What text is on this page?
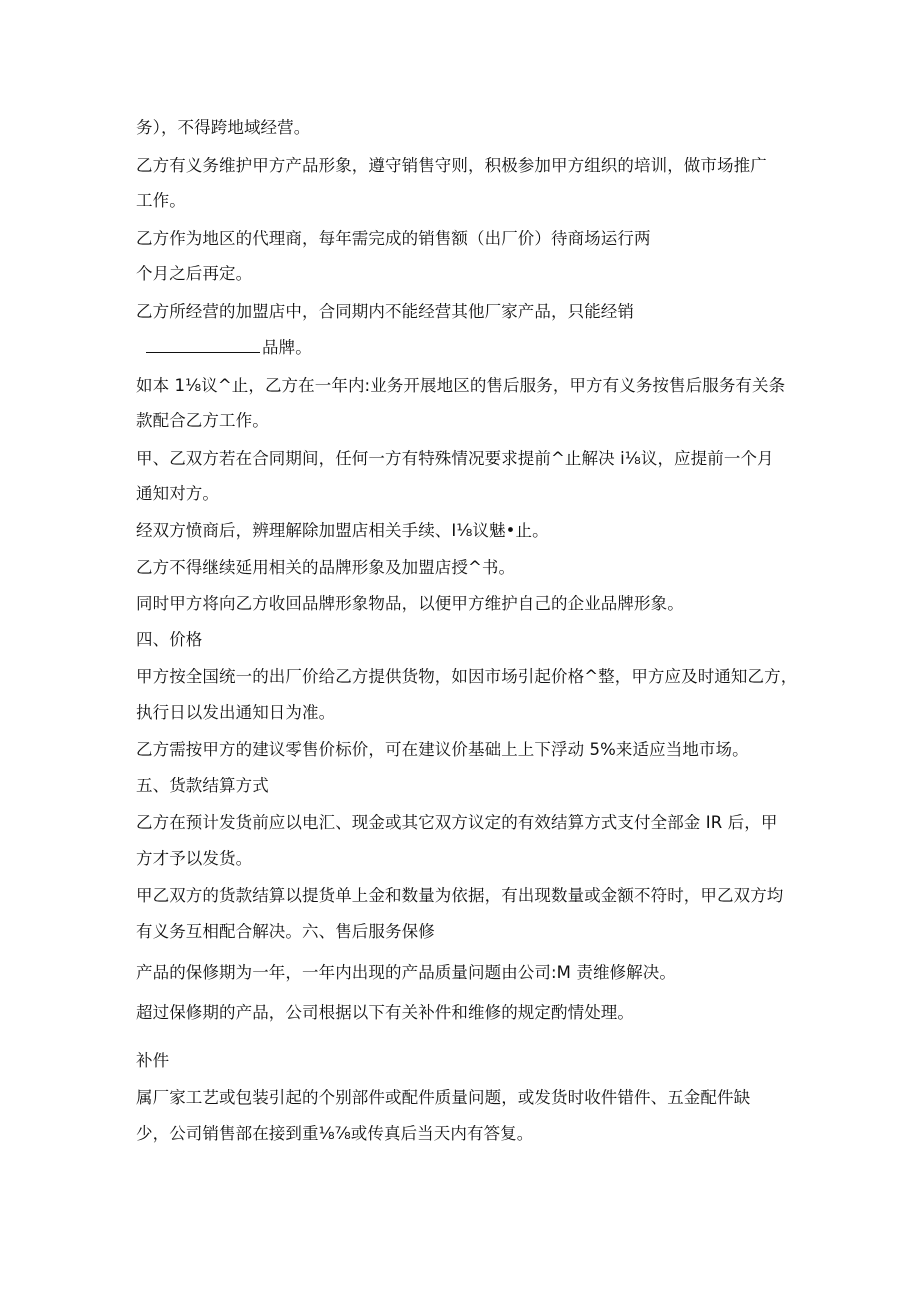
务），不得跨地域经营。
乙方有义务维护甲方产品形象，遵守销售守则，积极参加甲方组织的培训，做市场推广
工作。
乙方作为地区的代理商，每年需完成的销售额（出厂价）待商场运行两
个月之后再定。
乙方所经营的加盟店中，合同期内不能经营其他厂家产品，只能经销
品牌。
如本 1⅛议^止，乙方在一年内:业务开展地区的售后服务，甲方有义务按售后服务有关条
款配合乙方工作。
甲、乙双方若在合同期间，任何一方有特殊情况要求提前^止解决 i⅛议，应提前一个月
通知对方。
经双方愤商后，辨理解除加盟店相关手续、I⅛议魅•止。
乙方不得继续延用相关的品牌形象及加盟店授^书。
同时甲方将向乙方收回品牌形象物品，以便甲方维护自己的企业品牌形象。
四、价格
甲方按全国统一的出厂价给乙方提供货物，如因市场引起价格^整，甲方应及时通知乙方，
执行日以发出通知日为准。
乙方需按甲方的建议零售价标价，可在建议价基础上上下浮动 5%来适应当地市场。
五、货款结算方式
乙方在预计发货前应以电汇、现金或其它双方议定的有效结算方式支付全部金 IR 后，甲
方才予以发货。
甲乙双方的货款结算以提货单上金和数量为依据，有出现数量或金额不符时，甲乙双方均
有义务互相配合解决。六、售后服务保修
产品的保修期为一年，一年内出现的产品质量问题由公司:M 责维修解决。
超过保修期的产品，公司根据以下有关补件和维修的规定酌情处理。
补件
属厂家工艺或包装引起的个别部件或配件质量问题，或发货时收件错件、五金配件缺
少，公司销售部在接到重⅛⅞或传真后当天内有答复。
